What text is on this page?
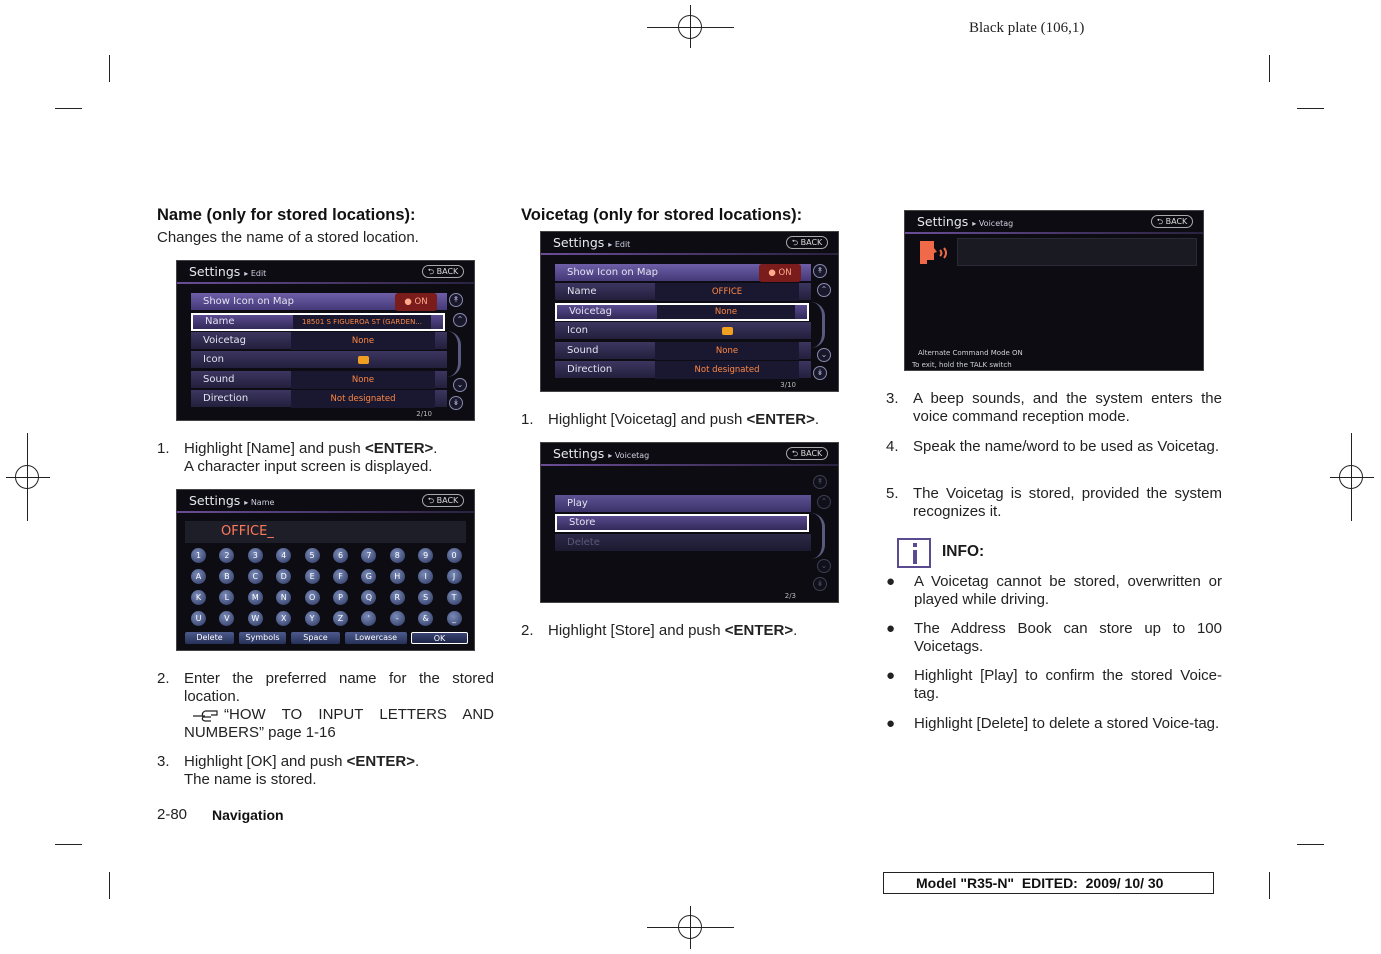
Black plate (106,1)
Name (only for stored locations):
Changes the name of a stored location.
Settings ▸ Edit	⮌ BACK
Show Icon on Map	● ON
Name	18501 S FIGUEROA ST (GARDEN...
Voicetag	None
Icon
Sound	None
Direction	Not designated
↟
⌃
⌄
↡
2/10
1. Highlight [Name] and push <ENTER>.
A character input screen is displayed.
Settings ▸ Name	⮌ BACK
OFFICE_
1	2	3	4	5	6	7	8	9	0
A	B	C	D	E	F	G	H	I	J
K	L	M	N	O	P	Q	R	S	T
U	V	W	X	Y	Z	'	-	&	_
Delete	Symbols	Space	Lowercase	OK
2. Enter the preferred name for the stored location.
“HOW TO INPUT LETTERS AND NUMBERS” page 1-16
3. Highlight [OK] and push <ENTER>.
The name is stored.
Voicetag (only for stored locations):
Settings ▸ Edit	⮌ BACK
Show Icon on Map	● ON
Name	OFFICE
Voicetag	None
Icon
Sound	None
Direction	Not designated
↟
⌃
⌄
↡
3/10
1. Highlight [Voicetag] and push <ENTER>.
Settings ▸ Voicetag	⮌ BACK
Play
Store
Delete
↟
⌃
⌄
↡
2/3
2. Highlight [Store] and push <ENTER>.
Settings ▸ Voicetag	⮌ BACK
Alternate Command Mode ON
To exit, hold the TALK switch
3. A beep sounds, and the system enters the voice command reception mode.
4. Speak the name/word to be used as Voicetag.
5. The Voicetag is stored, provided the system recognizes it.
INFO:
● A Voicetag cannot be stored, overwritten or played while driving.
● The Address Book can store up to 100 Voicetags.
● Highlight [Play] to confirm the stored Voice-tag.
● Highlight [Delete] to delete a stored Voice-tag.
2-80 Navigation
Model "R35-N"  EDITED:  2009/ 10/ 30
